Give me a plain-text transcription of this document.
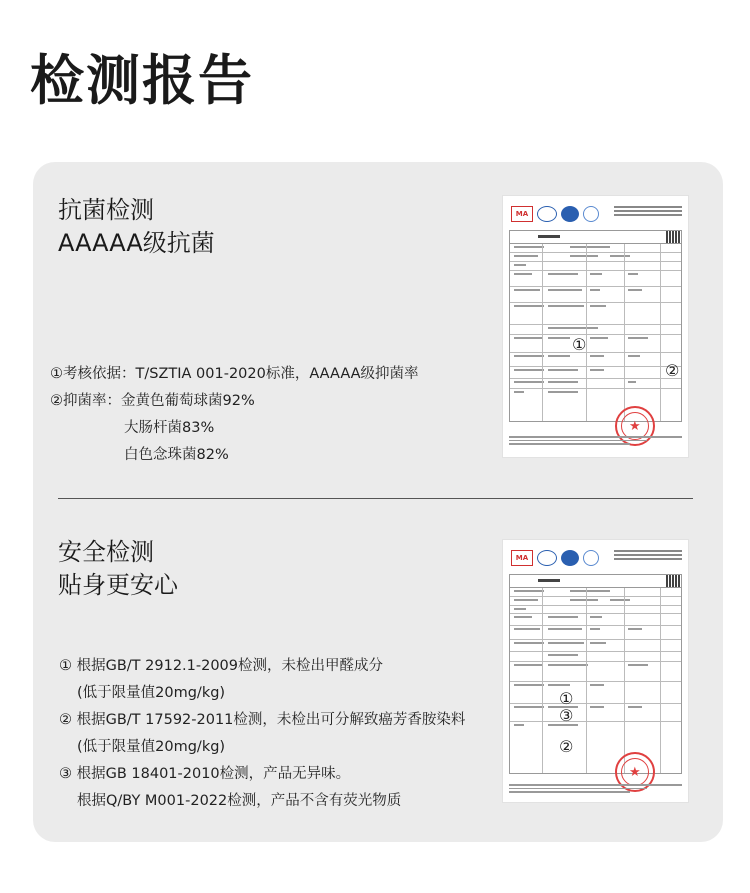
检测报告
抗菌检测
AAAAA级抗菌
①考核依据：T/SZTIA 001-2020标准，AAAAA级抑菌率
②抑菌率：金黄色葡萄球菌92%
大肠杆菌83%
白色念珠菌82%
MA
①
②
★
安全检测
贴身更安心
① 根据GB/T 2912.1-2009检测，未检出甲醛成分
(低于限量值20mg/kg)
② 根据GB/T 17592-2011检测，未检出可分解致癌芳香胺染料
(低于限量值20mg/kg)
③ 根据GB 18401-2010检测，产品无异味。
根据Q/BY M001-2022检测，产品不含有荧光物质
MA
①
③
②
★
